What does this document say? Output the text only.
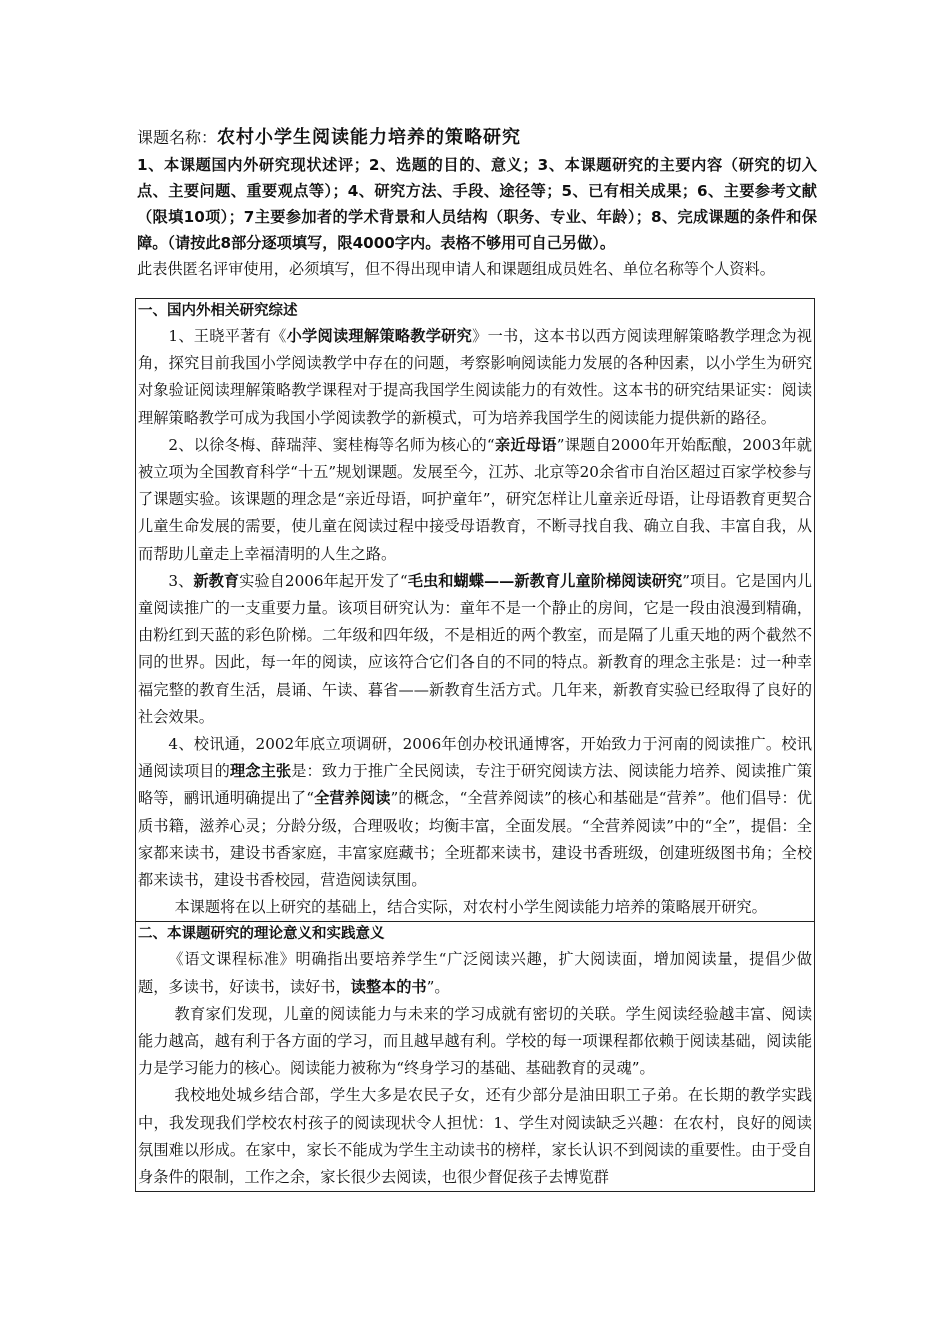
课题名称：农村小学生阅读能力培养的策略研究
1、本课题国内外研究现状述评；2、选题的目的、意义；3、本课题研究的主要内容（研究的切入点、主要问题、重要观点等）；4、研究方法、手段、途径等；5、已有相关成果；6、主要参考文献（限填10项）；7主要参加者的学术背景和人员结构（职务、专业、年龄）；8、完成课题的条件和保障。（请按此8部分逐项填写，限4000字内。表格不够用可自己另做）。
此表供匿名评审使用，必须填写，但不得出现申请人和课题组成员姓名、单位名称等个人资料。
一、国内外相关研究综述

1、王晓平著有《小学阅读理解策略教学研究》一书，这本书以西方阅读理解策略教学理念为视角，探究目前我国小学阅读教学中存在的问题，考察影响阅读能力发展的各种因素，以小学生为研究对象验证阅读理解策略教学课程对于提高我国学生阅读能力的有效性。这本书的研究结果证实：阅读理解策略教学可成为我国小学阅读教学的新模式，可为培养我国学生的阅读能力提供新的路径。

2、以徐冬梅、薛瑞萍、窦桂梅等名师为核心的“亲近母语”课题自2000年开始酝酿，2003年就被立项为全国教育科学“十五”规划课题。发展至今，江苏、北京等20余省市自治区超过百家学校参与了课题实验。该课题的理念是“亲近母语，呵护童年”，研究怎样让儿童亲近母语，让母语教育更契合儿童生命发展的需要，使儿童在阅读过程中接受母语教育，不断寻找自我、确立自我、丰富自我，从而帮助儿童走上幸福清明的人生之路。

3、新教育实验自2006年起开发了“毛虫和蝴蝶——新教育儿童阶梯阅读研究”项目。它是国内儿童阅读推广的一支重要力量。该项目研究认为：童年不是一个静止的房间，它是一段由浪漫到精确，由粉红到天蓝的彩色阶梯。二年级和四年级，不是相近的两个教室，而是隔了儿重天地的两个截然不同的世界。因此，每一年的阅读，应该符合它们各自的不同的特点。新教育的理念主张是：过一种幸福完整的教育生活，晨诵、午读、暮省——新教育生活方式。几年来，新教育实验已经取得了良好的社会效果。

4、校讯通，2002年底立项调研，2006年创办校讯通博客，开始致力于河南的阅读推广。校讯通阅读项目的理念主张是：致力于推广全民阅读，专注于研究阅读方法、阅读能力培养、阅读推广策略等，鹂讯通明确提出了“全营养阅读”的概念，“全营养阅读”的核心和基础是“营养”。他们倡导：优质书籍，滋养心灵；分龄分级，合理吸收；均衡丰富，全面发展。“全营养阅读”中的“全”，提倡：全家都来读书，建设书香家庭，丰富家庭藏书；全班都来读书，建设书香班级，创建班级图书角；全校都来读书，建设书香校园，营造阅读氛围。

本课题将在以上研究的基础上，结合实际，对农村小学生阅读能力培养的策略展开研究。

二、本课题研究的理论意义和实践意义

《语文课程标准》明确指出要培养学生“广泛阅读兴趣，扩大阅读面，增加阅读量，提倡少做题，多读书，好读书，读好书，读整本的书”。

教育家们发现，儿童的阅读能力与未来的学习成就有密切的关联。学生阅读经验越丰富、阅读能力越高，越有利于各方面的学习，而且越早越有利。学校的每一项课程都依赖于阅读基础，阅读能力是学习能力的核心。阅读能力被称为“终身学习的基础、基础教育的灵魂”。

我校地处城乡结合部，学生大多是农民子女，还有少部分是油田职工子弟。在长期的教学实践中，我发现我们学校农村孩子的阅读现状令人担忧：1、学生对阅读缺乏兴趣：在农村，良好的阅读氛围难以形成。在家中，家长不能成为学生主动读书的榜样，家长认识不到阅读的重要性。由于受自身条件的限制，工作之余，家长很少去阅读，也很少督促孩子去博览群
